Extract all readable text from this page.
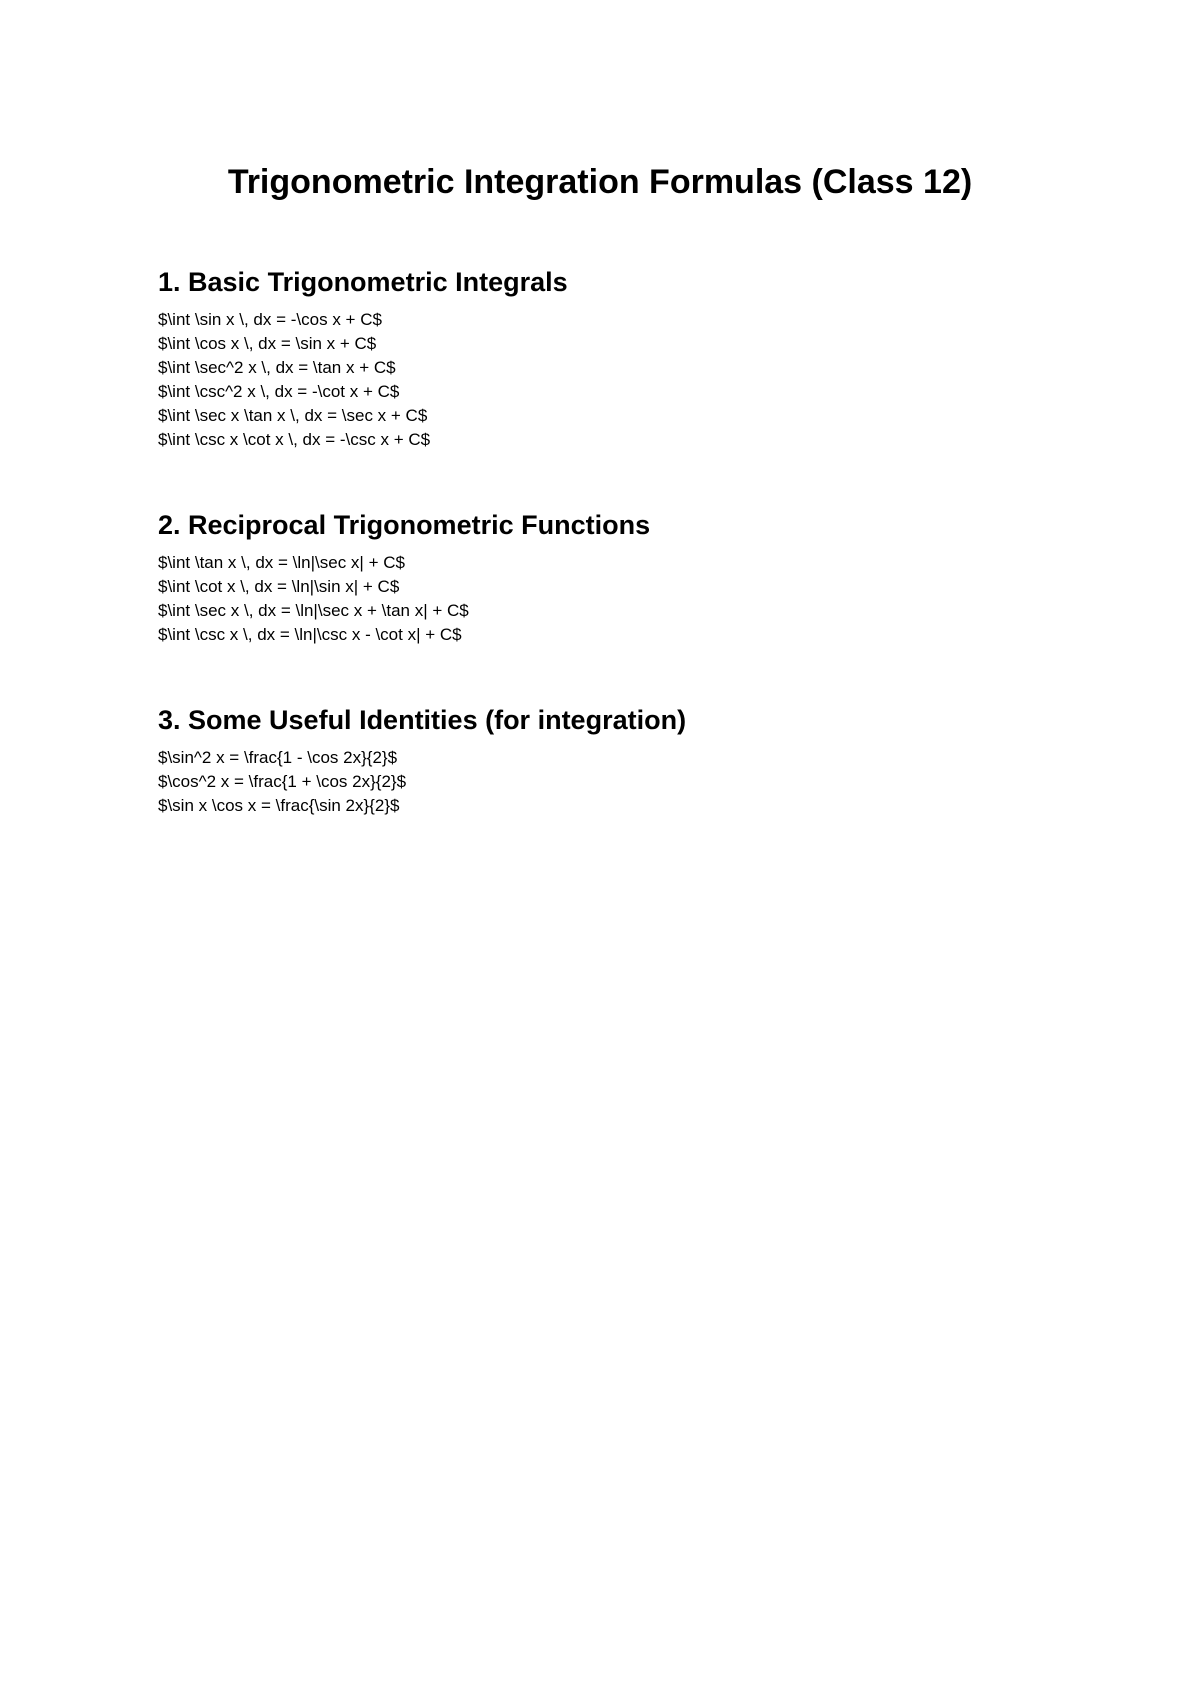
Trigonometric Integration Formulas (Class 12)
1. Basic Trigonometric Integrals
$\int \sin x \, dx = -\cos x + C$
$\int \cos x \, dx = \sin x + C$
$\int \sec^2 x \, dx = \tan x + C$
$\int \csc^2 x \, dx = -\cot x + C$
$\int \sec x \tan x \, dx = \sec x + C$
$\int \csc x \cot x \, dx = -\csc x + C$
2. Reciprocal Trigonometric Functions
$\int \tan x \, dx = \ln|\sec x| + C$
$\int \cot x \, dx = \ln|\sin x| + C$
$\int \sec x \, dx = \ln|\sec x + \tan x| + C$
$\int \csc x \, dx = \ln|\csc x - \cot x| + C$
3. Some Useful Identities (for integration)
$\sin^2 x = \frac{1 - \cos 2x}{2}$
$\cos^2 x = \frac{1 + \cos 2x}{2}$
$\sin x \cos x = \frac{\sin 2x}{2}$
